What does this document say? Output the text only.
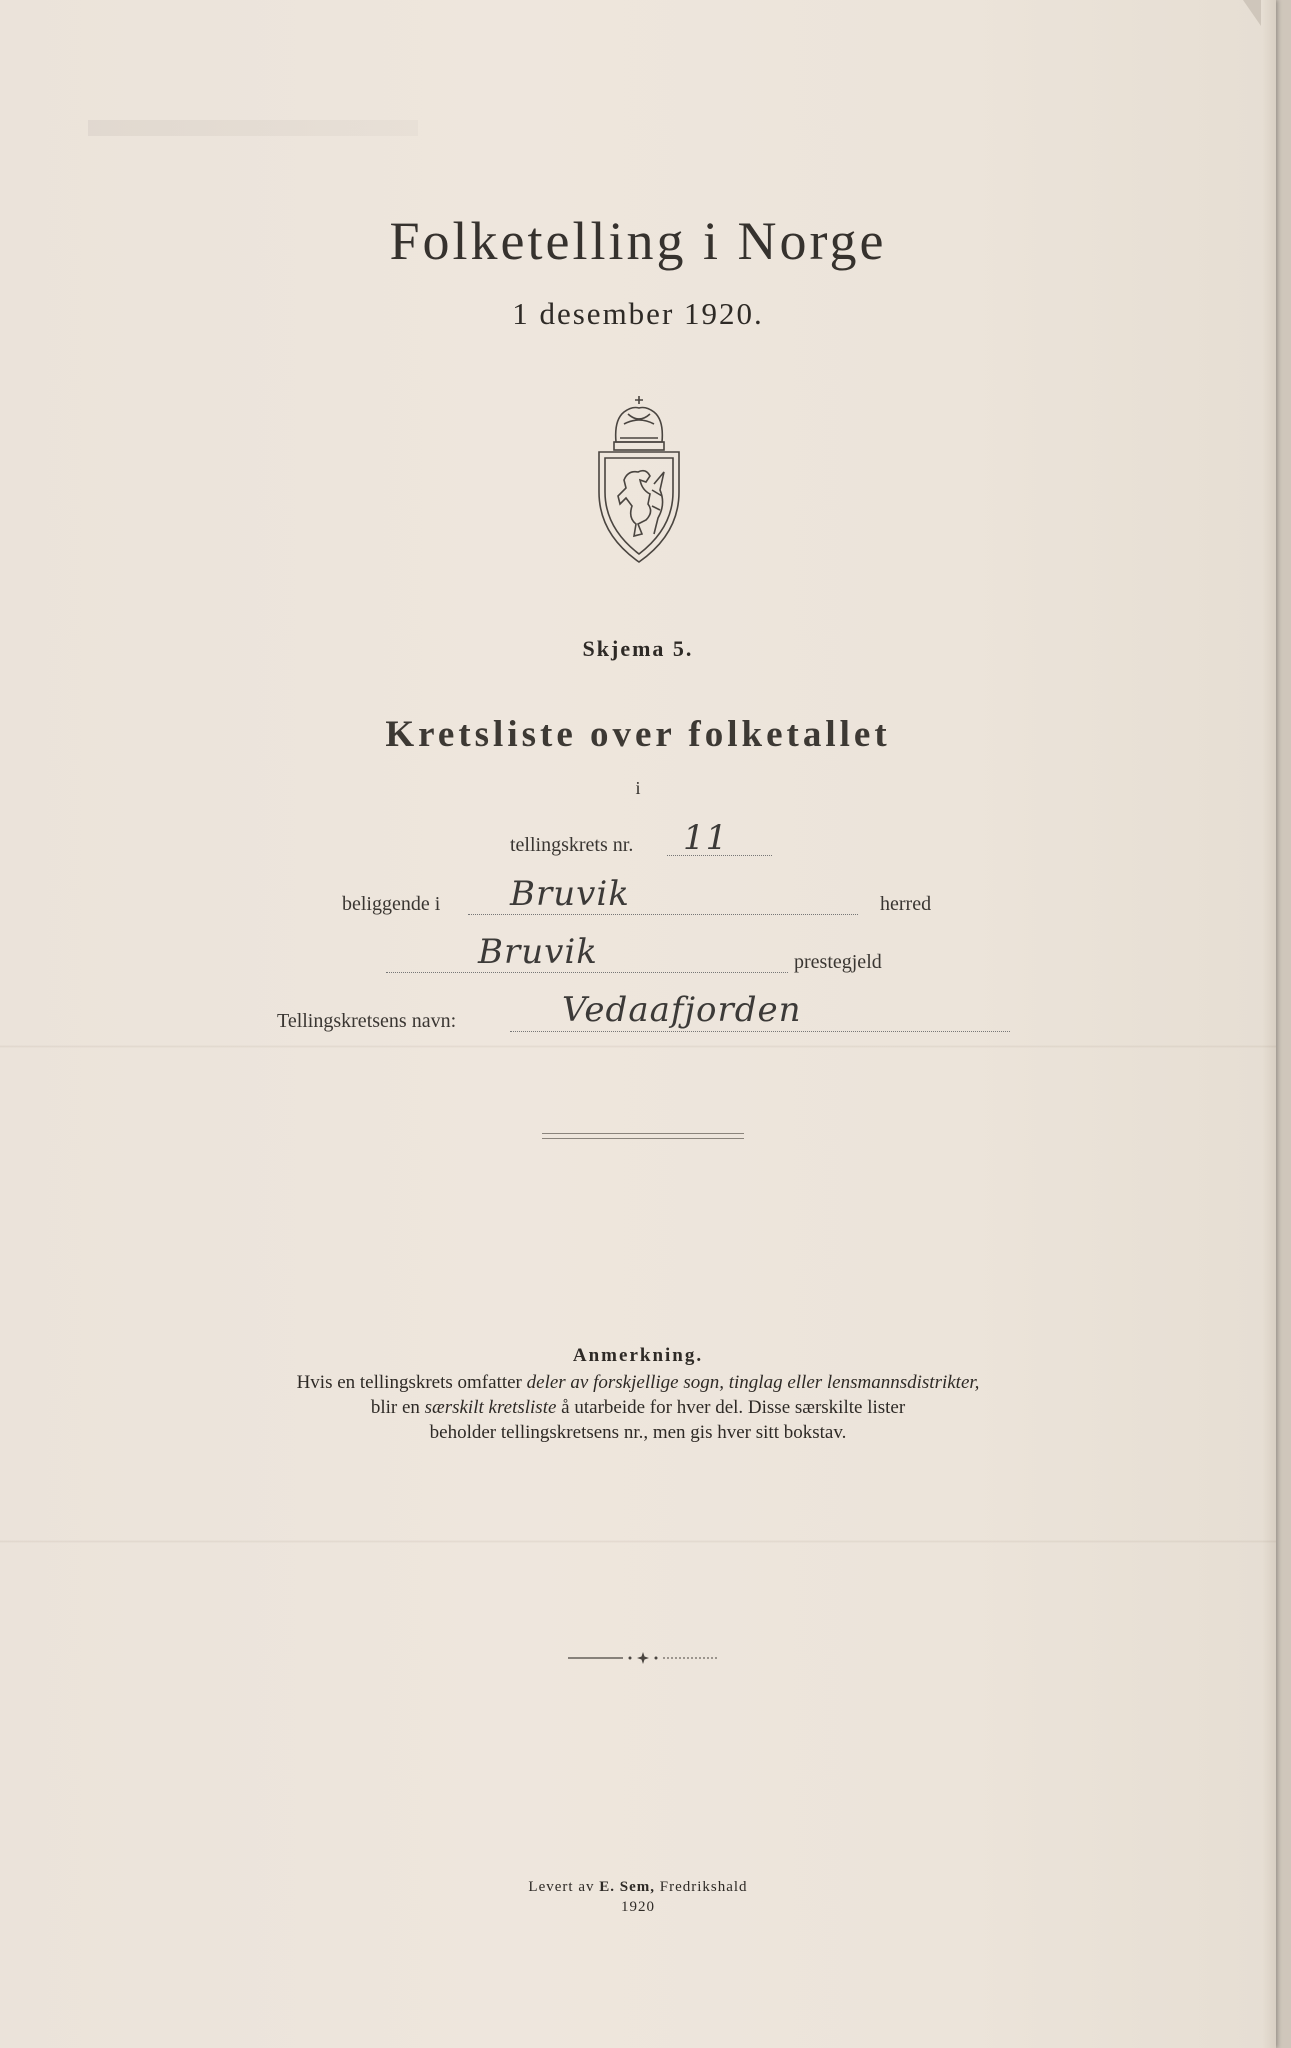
Folketelling i Norge
1 desember 1920.
Skjema 5.
Kretsliste over folketallet
i
tellingskrets nr. 11
beliggende i Bruvik	herred
Bruvik	prestegjeld
Tellingskretsens navn:	Vedaafjorden
Anmerkning.
Hvis en tellingskrets omfatter deler av forskjellige sogn, tinglag eller lensmannsdistrikter,
blir en særskilt kretsliste å utarbeide for hver del. Disse særskilte lister
beholder tellingskretsens nr., men gis hver sitt bokstav.
Levert av E. Sem, Fredrikshald
1920
